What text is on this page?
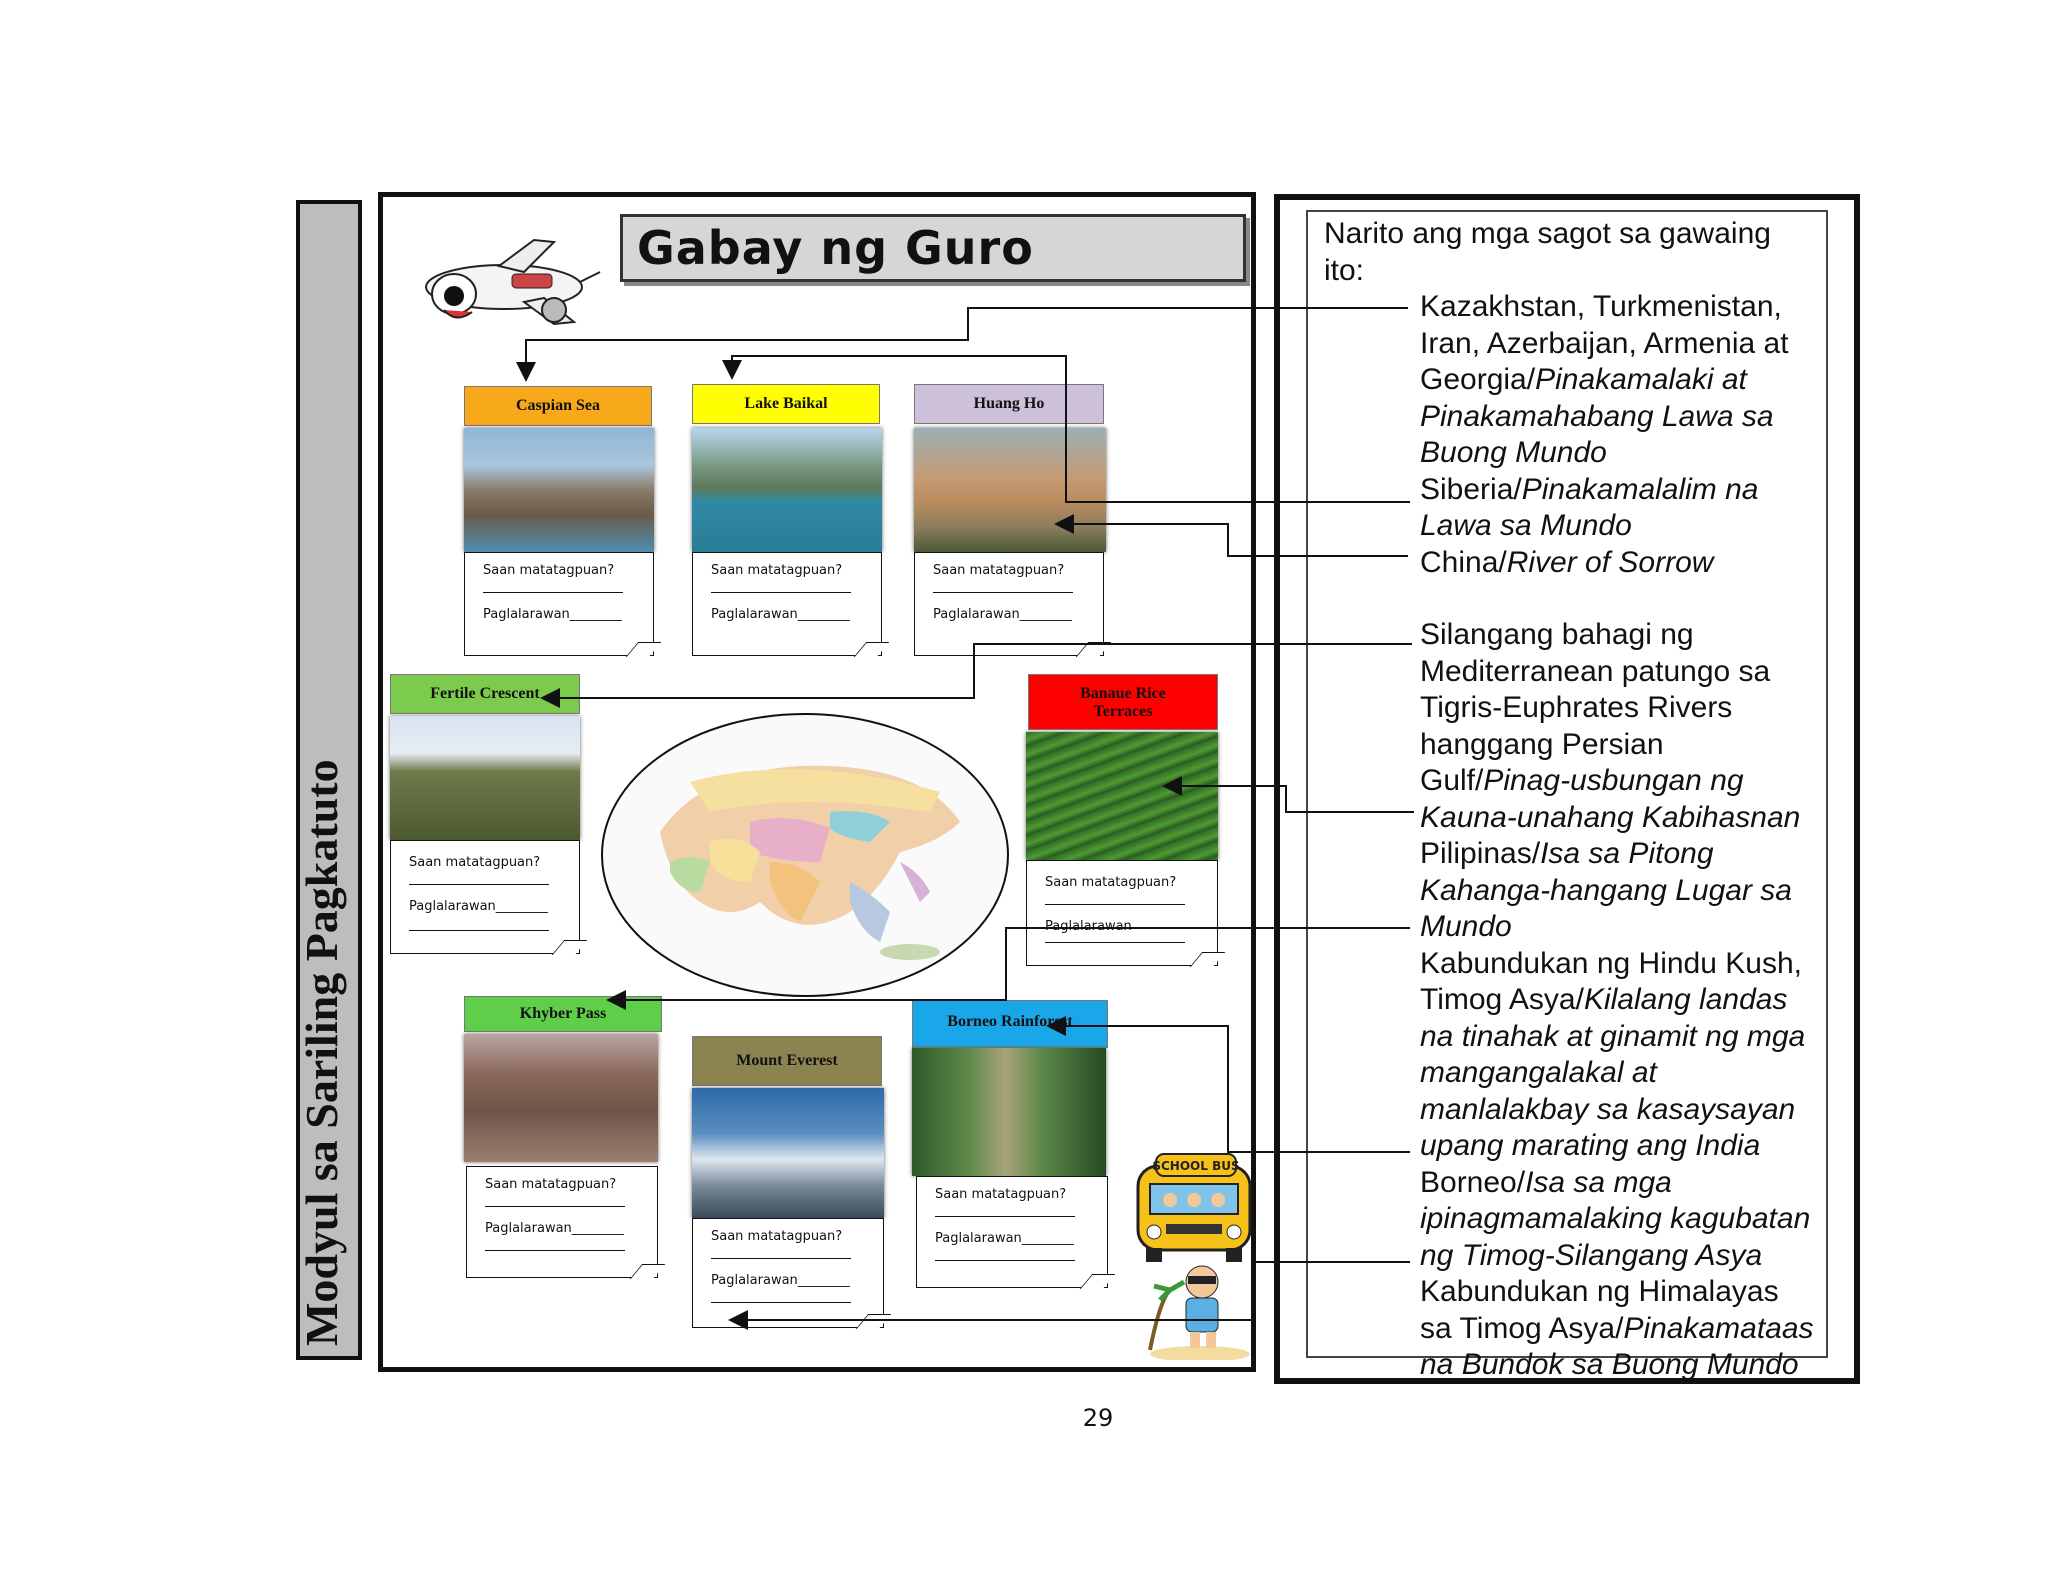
Modyul sa Sariling Pagkatuto
Gabay ng Guro
Caspian Sea	Lake Baikal	Huang Ho
Fertile Crescent	Banaue Rice Terraces
Khyber Pass
Mount Everest
Borneo Rainforest
Saan matatagpuan?
Paglalarawan________
Saan matatagpuan?
Paglalarawan________
Saan matatagpuan?
Paglalarawan________
Saan matatagpuan?
Paglalarawan________
Saan matatagpuan?
Paglalarawan
Saan matatagpuan?
Paglalarawan________
Saan matatagpuan?
Paglalarawan________
Saan matatagpuan?
Paglalarawan________
SCHOOL BUS

Narito ang mga sagot sa gawaing ito:

Kazakhstan, Turkmenistan, Iran, Azerbaijan, Armenia at Georgia/Pinakamalaki at Pinakamahabang Lawa sa Buong Mundo

Siberia/Pinakamalalim na Lawa sa Mundo

China/River of Sorrow

Silangang bahagi ng Mediterranean patungo sa Tigris-Euphrates Rivers hanggang Persian Gulf/Pinag-usbungan ng Kauna-unahang Kabihasnan

Pilipinas/Isa sa Pitong Kahanga-hangang Lugar sa Mundo

Kabundukan ng Hindu Kush, Timog Asya/Kilalang landas na tinahak at ginamit ng mga mangangalakal at manlalakbay sa kasaysayan upang marating ang India

Borneo/Isa sa mga ipinagmamalaking kagubatan ng Timog-Silangang Asya

Kabundukan ng Himalayas sa Timog Asya/Pinakamataas na Bundok sa Buong Mundo

29
